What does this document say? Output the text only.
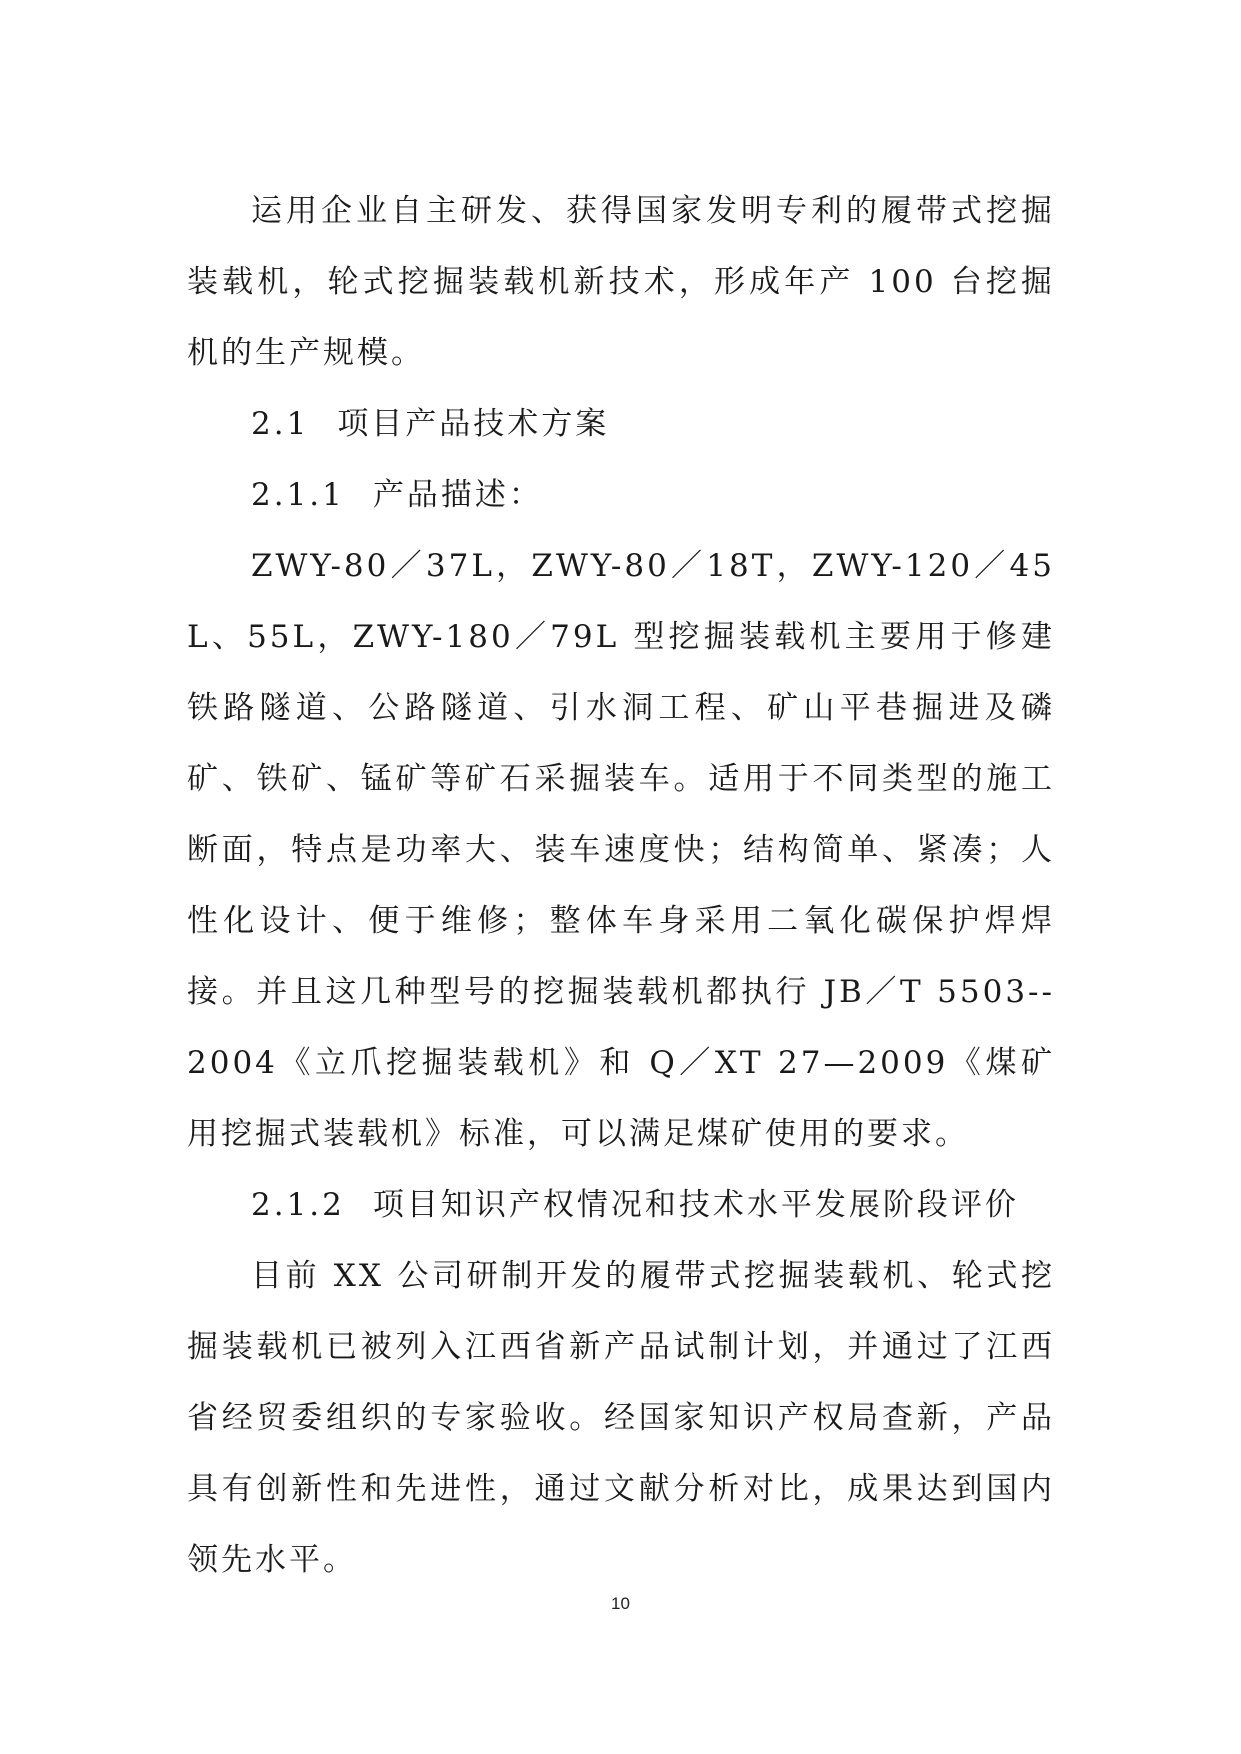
运用企业自主研发、获得国家发明专利的履带式挖掘装载机，轮式挖掘装载机新技术，形成年产 100 台挖掘机的生产规模。

2.1 项目产品技术方案

2.1.1 产品描述：

ZWY-80／37L，ZWY-80／18T，ZWY-120／45L、55L，ZWY-180／79L 型挖掘装载机主要用于修建铁路隧道、公路隧道、引水洞工程、矿山平巷掘进及磷矿、铁矿、锰矿等矿石采掘装车。适用于不同类型的施工断面，特点是功率大、装车速度快；结构简单、紧凑；人性化设计、便于维修；整体车身采用二氧化碳保护焊焊接。并且这几种型号的挖掘装载机都执行 JB／T 5503--2004《立爪挖掘装载机》和 Q／XT 27—2009《煤矿用挖掘式装载机》标准，可以满足煤矿使用的要求。

2.1.2 项目知识产权情况和技术水平发展阶段评价

目前 XX 公司研制开发的履带式挖掘装载机、轮式挖掘装载机已被列入江西省新产品试制计划，并通过了江西省经贸委组织的专家验收。经国家知识产权局查新，产品具有创新性和先进性，通过文献分析对比，成果达到国内领先水平。

10
